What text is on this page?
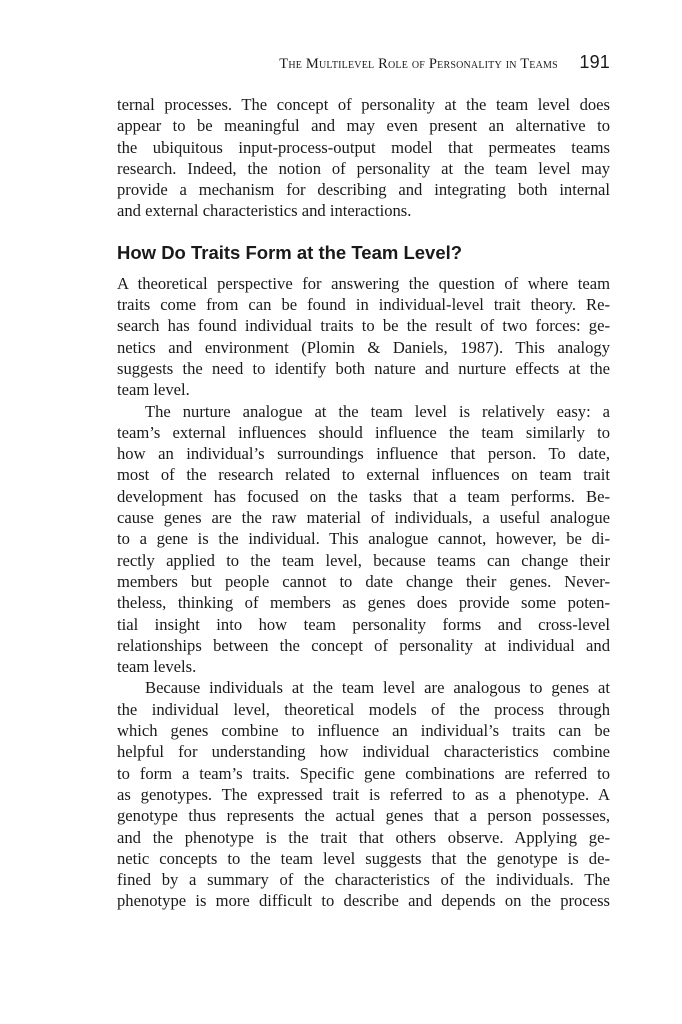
The Multilevel Role of Personality in Teams 191
ternal processes. The concept of personality at the team level does
appear to be meaningful and may even present an alternative to
the ubiquitous input-process-output model that permeates teams
research. Indeed, the notion of personality at the team level may
provide a mechanism for describing and integrating both internal
and external characteristics and interactions.
How Do Traits Form at the Team Level?
A theoretical perspective for answering the question of where team
traits come from can be found in individual-level trait theory. Re-
search has found individual traits to be the result of two forces: ge-
netics and environment (Plomin & Daniels, 1987). This analogy
suggests the need to identify both nature and nurture effects at the
team level.
The nurture analogue at the team level is relatively easy: a
team’s external influences should influence the team similarly to
how an individual’s surroundings influence that person. To date,
most of the research related to external influences on team trait
development has focused on the tasks that a team performs. Be-
cause genes are the raw material of individuals, a useful analogue
to a gene is the individual. This analogue cannot, however, be di-
rectly applied to the team level, because teams can change their
members but people cannot to date change their genes. Never-
theless, thinking of members as genes does provide some poten-
tial insight into how team personality forms and cross-level
relationships between the concept of personality at individual and
team levels.
Because individuals at the team level are analogous to genes at
the individual level, theoretical models of the process through
which genes combine to influence an individual’s traits can be
helpful for understanding how individual characteristics combine
to form a team’s traits. Specific gene combinations are referred to
as genotypes. The expressed trait is referred to as a phenotype. A
genotype thus represents the actual genes that a person possesses,
and the phenotype is the trait that others observe. Applying ge-
netic concepts to the team level suggests that the genotype is de-
fined by a summary of the characteristics of the individuals. The
phenotype is more difficult to describe and depends on the process
